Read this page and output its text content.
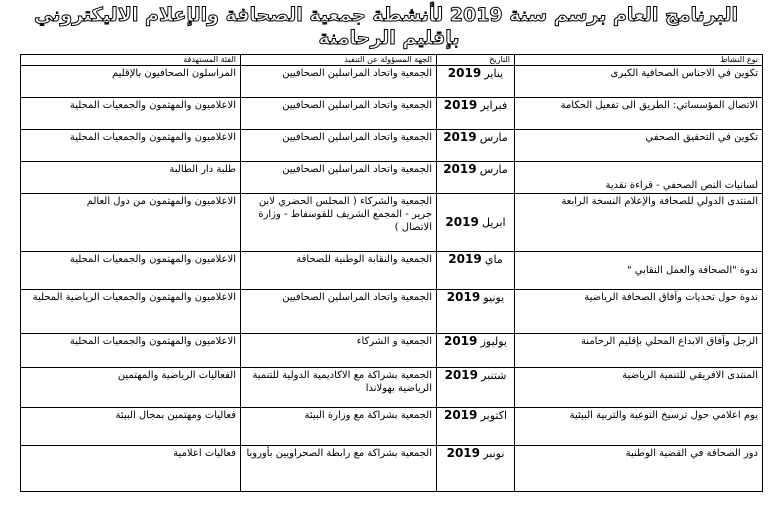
البرنامج العام برسم سنة 2019 لأنشطة جمعية الصحافة والإعلام الاليكتروني
بإقليم الرحامنة
نوع النشاط	التاريخ	الجهة المسؤولة عن التنفيذ	الفئة المستهدفة
تكوين في الاجناس الصحافية الكبرى	يناير 2019	الجمعية واتحاد المراسلين الصحافيين	المراسلون الصحافيون بالإقليم
الاتصال المؤسساتي: الطريق الى تفعيل الحكامة	فبراير 2019	الجمعية واتحاد المراسلين الصحافيين	الاعلاميون والمهتمون والجمعيات المحلية
تكوين في التحقيق الصحفي	مارس 2019	الجمعية واتحاد المراسلين الصحافيين	الاعلاميون والمهتمون والجمعيات المحلية
لسانيات النص الصحفي - قراءة نقدية	مارس 2019	الجمعية واتحاد المراسلين الصحافيين	طلبة دار الطالبة
المنتدى الدولي للصحافة والإعلام النسخة الرابعة	ابريل 2019	الجمعية والشركاء ( المجلس الحضري لابن جرير - المجمع الشريف للفوسفاط - وزارة الاتصال )	الاعلاميون والمهتمون من دول العالم
ندوة "الصحافة والعمل النقابي "	ماي 2019	الجمعية والنقابة الوطنية للصحافة	الاعلاميون والمهتمون والجمعيات المحلية
ندوة حول تحديات وآفاق الصحافة الرياضية	يونيو 2019	الجمعية واتحاد المراسلين الصحافيين	الاعلاميون والمهتمون والجمعيات الرياضية المحلية
الزجل وآفاق الابداع المحلي بإقليم الرحامنة	يوليوز 2019	الجمعية و الشركاء	الاعلاميون والمهتمون والجمعيات المحلية
المنتدى الافريقي للتنمية الرياضية	شتنبر 2019	الجمعية بشراكة مع الاكاديمية الدولية للتنمية الرياضية بهولاندا	الفعاليات الرياضية والمهتمين
يوم اعلامي حول ترسيخ التوعية والتربية البيئية	اكتوبر 2019	الجمعية بشراكة مع وزارة البيئة	فعاليات ومهتمين بمجال البيئة
دور الصحافة في القضية الوطنية	نونبر 2019	الجمعية بشراكة مع رابطة الصحراويين بأوروبا	فعاليات اعلامية
